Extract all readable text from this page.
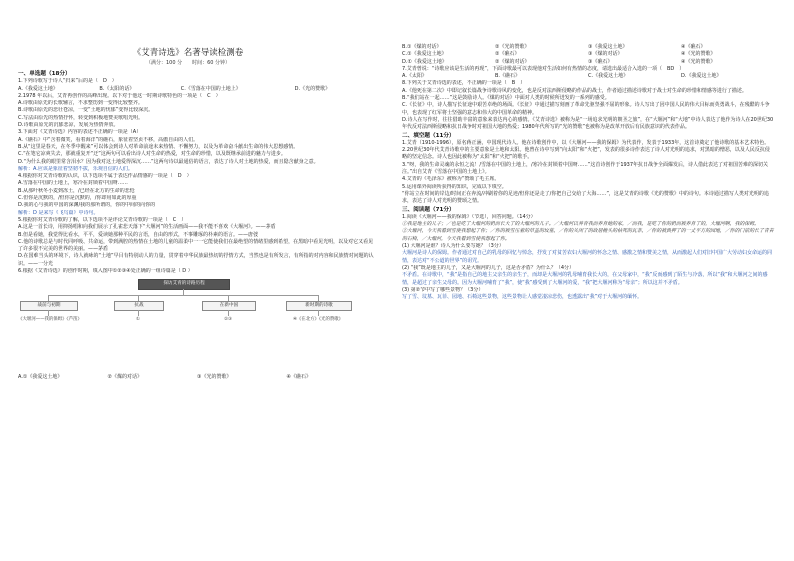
《艾青诗选》名著导读检测卷
（满分：100 分　　时间：60 分钟）
一、单选题（18分）
1.下列诗歌写于诗人“归来”后的是（　D　）
A.《我爱这土地》	B.《太阳的话》	C.《雪落在中国的土地上》	D.《光的赞歌》
2.1978 年以后，艾青再创作的高峰出现。以下对于他这一时期诗歌特色的一项是（　C　）
A.诗歌由原先的长歌辅言，不求整饬到一变得比较整齐。
B.诗歌由原先的悲壮苍凉，一变“土地的忧郁”变得比较深沉。
C.写法由原先的热情抒怀，转变到积极地赞美歌唱光明。
D.诗歌由原先的沉郁悲凉，发展为热情奔放。
3.下面对《艾青诗选》内容的表述不正确的一项是（A）
A.《礁石》中“含着微笑，看着海洋”的礁石，象征着坚贞不移，高傲自由的人们。
B.从“这里是春天，在冬季中醒来”可以体会到诗人对革命前途未来热情、不懈努力，以及为革命奋斗献出生命的伟大思想感情。
C.“在笔它凉爽失去，那就重复开“迂”这两句可以看出诗人对生命的热爱，对生命的珍惜，以及既继承前进的魅力与进步。
D.“为什么我的眼里常含泪水？因为我对这土地爱得深沉……”这两句诗以最通俗的语言，表达了诗人对土地的热爱，而且隐含献身之意。
解析：A.应该是象征着坚韧不拔，乐观自信的人们。
4.根据你对艾青诗歌的认识，以下选项不属于表达作品情感的一项是（　D　）
A.雪落在中国的土地上，寒冷在封锁着中国呀……
B.从那叶秋冬小麦到冻土，/已经在北方的生命的悲怆
C.但你是沉默的，/但你是沉默的，/你却用如此的厚重
D.我的心与我的中国的深渊/我的那所谓的，你的中间的向你的
解析：D 是来写《飞鸟篇》中诗句。
5.根据你对艾青诗歌的了解，以下选项不是评论艾青诗歌的一项是（　C　）
A.这是一首长诗，用抑扬唱和向我们展示了孔雀悲天落下“大堰河”的生活画面——我不能不喜欢《大堰河》。——茅盾
B.但是看她，我觉得比看水，平平，爱读她那种平民的言语，自由的形式，不事雕琢的朴素的语言。——唐弢
C.他的诗歌总是与时代同呼吸、共命运，带到满腔的热情在土地的儿童的温柔中一一它能使我们在最绝望的情绪里感到希望，在黑暗中看见光明，以及对它又看见了许多很不完美的世界的美丽。——茅盾
D.在国难当头的环境下，诗人就咏的“土地”早目有特别动人的力量，贯穿着中华民族最热切的抒情方式，当然也是有所发言，有所指的对内容和民族情对问题的认识。——一分光
6.根据《艾青诗选》的创作时期，填入图中①②③④处正确的一组诗篇是（ D ）
探访艾青的诗路历程
战前与初期	抗战	在新中国	新时期的诗歌
《大堰河——我的保姆》《芦笛》	①	②③	④《在北方》《光的赞歌》
A.①《我爱这土地》	②《煤的对话》	③《光的赞歌》	④《礁石》
B.①《煤的对话》	②《光的赞歌》	③《我爱这土地》	④《礁石》
C.①《我爱这土地》	②《礁石》	③《煤的对话》	④《光的赞歌》
D.①《我爱这土地》	②《煤的对话》	③《礁石》	④《光的赞歌》
7.艾青曾说：“诗歌应该是生活的再现”，下面诗歌最可以表现他对生活如何有热情的态度，请选出最适合入选的一项（　BD　）
A.《太阳》	B.《礁石》	C.《我爱这土地》	D.《我爱这土地》
8.下列关于艾青诗选的表述，不正确的一项是（　B　）
A.《他死在第二次》中即记叙长篇战争诗歌诗风的变化，也是反对法西斯侵略的作品的战士，作者通过描述诗歌对于战士对生命的珍惜和情感等进行了描述。
B.“我们站在一起……”这是鼓励诗人。《煤的对话》中面对人类的时候所迸发的一系列的感受。
C.《长征》中，诗人描写长征途中艰苦卓绝的场面。《长征》中通过描写刻画了革命先驱坚强不屈的形象。诗人写出了因中国人民的伟大目标而英勇战斗，在残酷的斗争中，也表现了红军将士坚强的意志和伟大的中国革命的精神。
D.诗人在写作时，往往借助丰富的意象来表达内心的感情。《艾青诗选》被称为是“一场追求光明的朝圣之旅”，在“大堰河”和“大地”中诗人表达了他作为诗人在20世纪30年代反对法西斯侵略和抗日战争时对祖国大地的热爱；1980年代所写的“光的赞歌”也被称为是改革开放后有民族意识的代表作品。
二、填空题（11分）
1.艾青（1910-1996），原名蒋正涵，中国现代诗人。他在诗歌创作中，以《大堰河——我的保姆》为代表作，发表于1933年，这首诗奠定了他诗歌的基本艺术特色。
2.20世纪30年代艾青诗歌中的主要意象是土地和太阳。他曾在诗中写到“向太阳”和“火把”，发表的很多诗作表达了诗人对光明的追求，对黑暗的憎恶，以及人民反抗侵略的坚定信念。诗人也因此被称为“太阳”和“火把”的歌手。
3.“呀，我的生命灵魂的永恒之流！/雪落在中国的土地上，/寒冷在封锁着中国呀……”这首诗创作于1937年抗日战争全面爆发后，诗人借此表达了对祖国苦难的深切关注。”出自艾青《雪落在中国的土地上》。
4.艾青的《毛泽东》被称为“赞颂了毛主席。
5.运用课外阅读所获得的知识，完成以下填空。
“你站立在时间的岸边/时间正在奔流/冲刷着你的足迹/但你还是走了/你把自己交给了大海……”，这是艾青的诗歌《光的赞歌》中的诗句。本诗通过描写人类对光明的追求，表达了诗人对光明的赞颂之情。
三、阅读题（71分）
1.阅读《大堰河——我的保姆》（节选），回答问题。（14分）
①我是地主的儿子；／也是吃了大堰河的奶而长大了的大堰河的儿子。／大堰河以养育我而养育她的家，／而我，是吃了你的奶而被养育了的，大堰河啊，我的保姆。
②大堰河，今天我看到雪使我想起了你；／你的被雪压着的草盖的坟墓，／你的关闭了的故居檐头的枯死的瓦菲，／你的被典押了的一丈平方的园地，／你的门前的长了青苔的石椅，／大堰河，今天我看到雪使我想起了你。
(1) 大堰河是谁？诗人为什么要写她？（3分）
大堰河是诗人的保姆。作者通过对自己的乳母的回忆与悼念，抒发了对贫苦农妇大堰河的怀念之情、感激之情和赞美之情，从而激起人们对旧中国广大劳动妇女命运的同情，表达对“不公道的世界”的诅咒。
(2) “我”既是地主的儿子，又是大堰河的儿子，这是否矛盾？为什么？（4分）
不矛盾。在诗歌中，“我”是指自己的地主父亲生的亲生子，而却是大堰河的乳母哺育我长大的，在父母家中，“我”反而感到了陌生与冷落，所以“我”和大堰河之间的感情，是超过了亲生父母的。因为大堰河哺育了“我”，使“我”感受到了大堰河的爱，“我”把大堰河称为“母亲”；所以这并不矛盾。
(3) 第②节中写了哪些景物？（3分）
写了雪、坟墓、瓦菲、园地、石椅这些景物，这些景物让人感觉凄凉悲伤，也透露出“我”对于大堰河的缅怀。
